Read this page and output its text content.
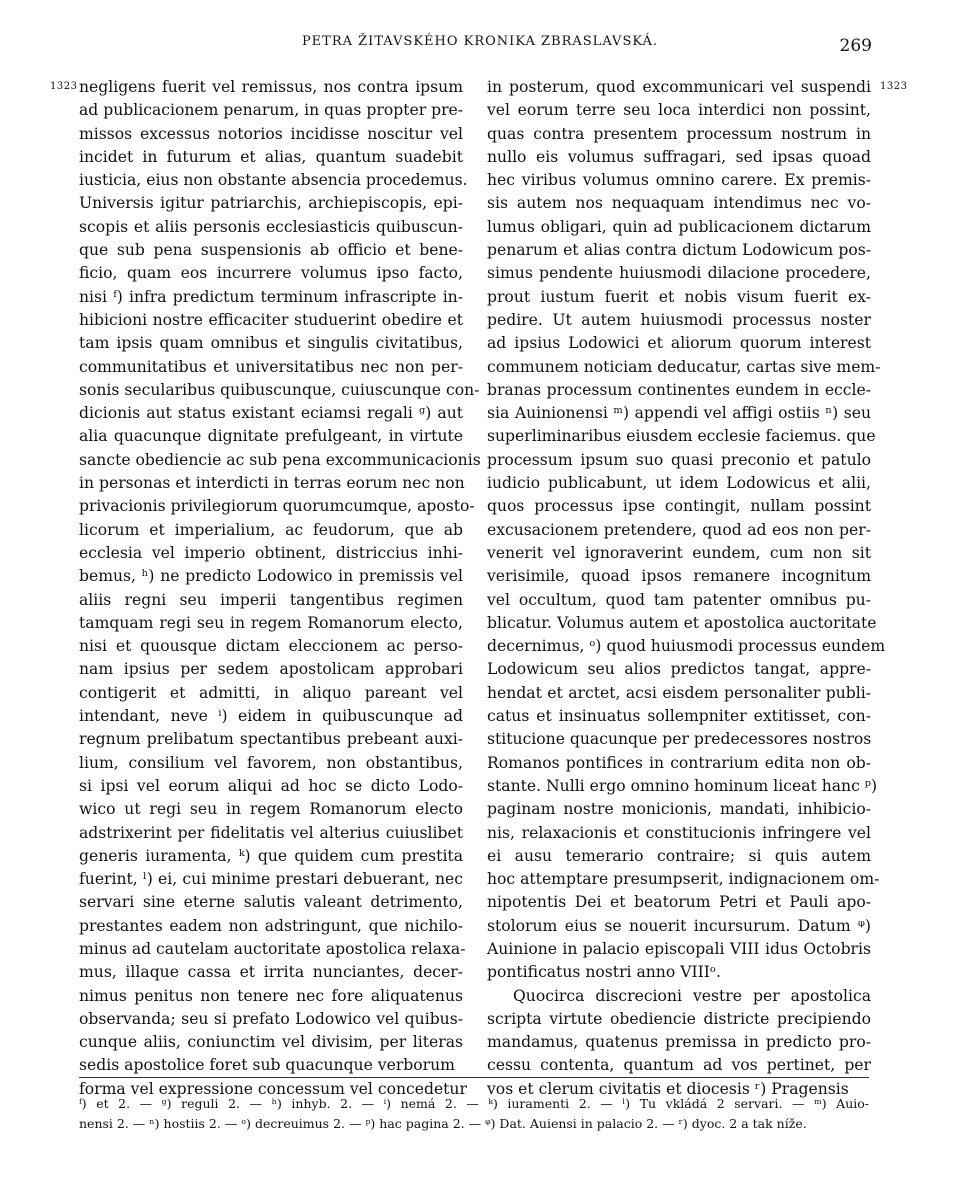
PETRA ŽITAVSKÉHO KRONIKA ZBRASLAVSKÁ.	269
1323	1323
negligens fuerit vel remissus, nos contra ipsum
ad publicacionem penarum, in quas propter pre-
missos excessus notorios incidisse noscitur vel
incidet in futurum et alias, quantum suadebit
iusticia, eius non obstante absencia procedemus.
Universis igitur patriarchis, archiepiscopis, epi-
scopis et aliis personis ecclesiasticis quibuscun-
que sub pena suspensionis ab officio et bene-
ficio, quam eos incurrere volumus ipso facto,
nisi ᶠ) infra predictum terminum infrascripte in-
hibicioni nostre efficaciter studuerint obedire et
tam ipsis quam omnibus et singulis civitatibus,
communitatibus et universitatibus nec non per-
sonis secularibus quibuscunque, cuiuscunque con-
dicionis aut status existant eciamsi regali ᵍ) aut
alia quacunque dignitate prefulgeant, in virtute
sancte obediencie ac sub pena excommunicacionis
in personas et interdicti in terras eorum nec non
privacionis privilegiorum quorumcumque, aposto-
licorum et imperialium, ac feudorum, que ab
ecclesia vel imperio obtinent, districcius inhi-
bemus, ʰ) ne predicto Lodowico in premissis vel
aliis regni seu imperii tangentibus regimen
tamquam regi seu in regem Romanorum electo,
nisi et quousque dictam eleccionem ac perso-
nam ipsius per sedem apostolicam approbari
contigerit et admitti, in aliquo pareant vel
intendant, neve ⁱ) eidem in quibuscunque ad
regnum prelibatum spectantibus prebeant auxi-
lium, consilium vel favorem, non obstantibus,
si ipsi vel eorum aliqui ad hoc se dicto Lodo-
wico ut regi seu in regem Romanorum electo
adstrixerint per fidelitatis vel alterius cuiuslibet
generis iuramenta, ᵏ) que quidem cum prestita
fuerint, ˡ) ei, cui minime prestari debuerant, nec
servari sine eterne salutis valeant detrimento,
prestantes eadem non adstringunt, que nichilo-
minus ad cautelam auctoritate apostolica relaxa-
mus, illaque cassa et irrita nunciantes, decer-
nimus penitus non tenere nec fore aliquatenus
observanda; seu si prefato Lodowico vel quibus-
cunque aliis, coniunctim vel divisim, per literas
sedis apostolice foret sub quacunque verborum
forma vel expressione concessum vel concedetur
in posterum, quod excommunicari vel suspendi
vel eorum terre seu loca interdici non possint,
quas contra presentem processum nostrum in
nullo eis volumus suffragari, sed ipsas quoad
hec viribus volumus omnino carere. Ex premis-
sis autem nos nequaquam intendimus nec vo-
lumus obligari, quin ad publicacionem dictarum
penarum et alias contra dictum Lodowicum pos-
simus pendente huiusmodi dilacione procedere,
prout iustum fuerit et nobis visum fuerit ex-
pedire. Ut autem huiusmodi processus noster
ad ipsius Lodowici et aliorum quorum interest
communem noticiam deducatur, cartas sive mem-
branas processum continentes eundem in eccle-
sia Auinionensi ᵐ) appendi vel affigi ostiis ⁿ) seu
superliminaribus eiusdem ecclesie faciemus. que
processum ipsum suo quasi preconio et patulo
iudicio publicabunt, ut idem Lodowicus et alii,
quos processus ipse contingit, nullam possint
excusacionem pretendere, quod ad eos non per-
venerit vel ignoraverint eundem, cum non sit
verisimile, quoad ipsos remanere incognitum
vel occultum, quod tam patenter omnibus pu-
blicatur. Volumus autem et apostolica auctoritate
decernimus, ᵒ) quod huiusmodi processus eundem
Lodowicum seu alios predictos tangat, appre-
hendat et arctet, acsi eisdem personaliter publi-
catus et insinuatus sollempniter extitisset, con-
stitucione quacunque per predecessores nostros
Romanos pontifices in contrarium edita non ob-
stante. Nulli ergo omnino hominum liceat hanc ᵖ)
paginam nostre monicionis, mandati, inhibicio-
nis, relaxacionis et constitucionis infringere vel
ei ausu temerario contraire; si quis autem
hoc attemptare presumpserit, indignacionem om-
nipotentis Dei et beatorum Petri et Pauli apo-
stolorum eius se nouerit incursurum. Datum ᵠ)
Auinione in palacio episcopali VIII idus Octobris
pontificatus nostri anno VIIIᵒ.
Quocirca discrecioni vestre per apostolica
scripta virtute obediencie districte precipiendo
mandamus, quatenus premissa in predicto pro-
cessu contenta, quantum ad vos pertinet, per
vos et clerum civitatis et diocesis ʳ) Pragensis
ᶠ) et 2. — ᵍ) reguli 2. — ʰ) inhyb. 2. — ⁱ) nemá 2. — ᵏ) iuramenti 2. — ˡ) Tu vkládá 2 servari. — ᵐ) Auio-
nensi 2. — ⁿ) hostiis 2. — ᵒ) decreuimus 2. — ᵖ) hac pagina 2. — ᵠ) Dat. Auiensi in palacio 2. — ʳ) dyoc. 2 a tak níže.
